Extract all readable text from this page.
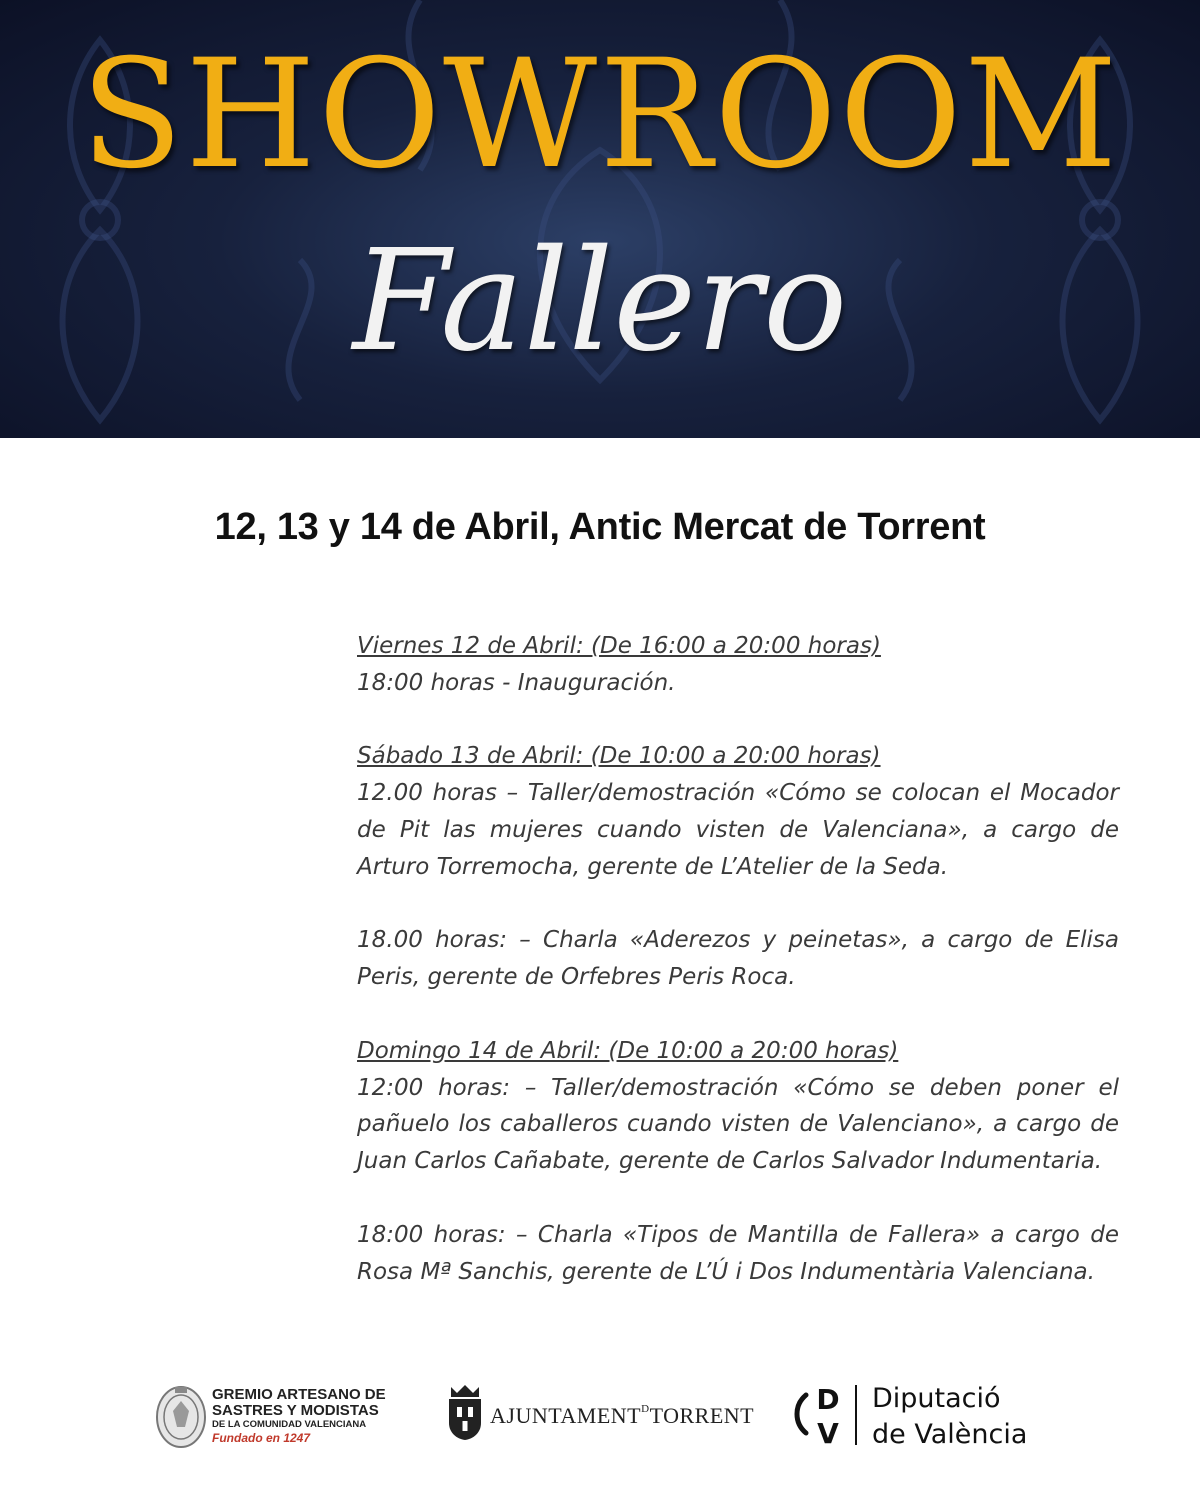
SHOWROOM
Fallero
12, 13 y 14 de Abril, Antic Mercat de Torrent

Viernes 12 de Abril: (De 16:00 a 20:00 horas)

18:00 horas - Inauguración.

Sábado 13 de Abril: (De 10:00 a 20:00 horas)

12.00 horas – Taller/demostración «Cómo se colocan el Mocador de Pit las mujeres cuando visten de Valenciana», a cargo de Arturo Torremocha, gerente de L’Atelier de la Seda.

18.00 horas: – Charla «Aderezos y peinetas», a cargo de Elisa Peris, gerente de Orfebres Peris Roca.

Domingo 14 de Abril: (De 10:00 a 20:00 horas)

12:00 horas: – Taller/demostración «Cómo se deben poner el pañuelo los caballeros cuando visten de Valenciano», a cargo de Juan Carlos Cañabate, gerente de Carlos Salvador Indumentaria.

18:00 horas: – Charla «Tipos de Mantilla de Fallera» a cargo de Rosa Mª Sanchis, gerente de L’Ú i Dos Indumentària Valenciana.

GREMIO ARTESANO DE
SASTRES Y MODISTAS
DE LA COMUNIDAD VALENCIANA
Fundado en 1247
$AJUNTAMENT^DTORRENT$ D
V
Diputació
de València
